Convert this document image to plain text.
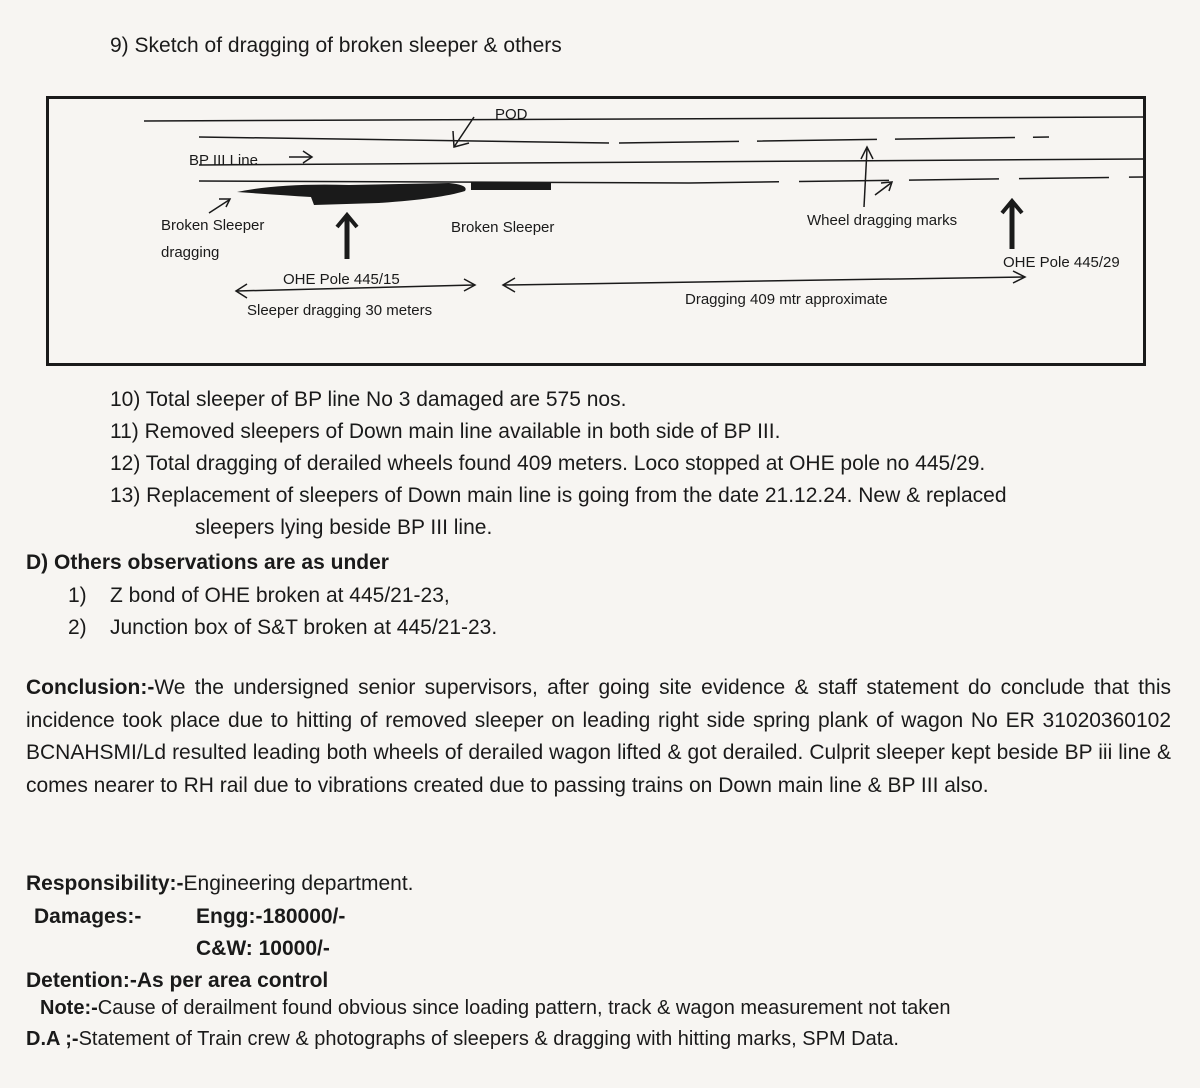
9) Sketch of dragging of broken sleeper & others
POD
BP III Line
Broken Sleeper
dragging
Broken Sleeper	Wheel dragging marks
OHE Pole 445/15
OHE Pole 445/29
Sleeper dragging 30 meters
Dragging 409 mtr approximate
10) Total sleeper of BP line No 3 damaged are 575 nos.
11) Removed sleepers of Down main line available in both side of BP III.
12) Total dragging of derailed wheels found 409 meters. Loco stopped at OHE pole no 445/29.
13) Replacement of sleepers of Down main line is going from the date 21.12.24. New & replaced
sleepers lying beside BP III line.
D) Others observations are as under
1) Z bond of OHE broken at 445/21-23,
2) Junction box of S&T broken at 445/21-23.
Conclusion:-We the undersigned senior supervisors, after going site evidence & staff statement do conclude that this incidence took place due to hitting of removed sleeper on leading right side spring plank of wagon No ER 31020360102 BCNAHSMI/Ld resulted leading both wheels of derailed wagon lifted & got derailed. Culprit sleeper kept beside BP iii line & comes nearer to RH rail due to vibrations created due to passing trains on Down main line & BP III also.
Responsibility:-Engineering department.
Damages:-	Engg:-180000/-
C&W: 10000/-
Detention:-As per area control
Note:-Cause of derailment found obvious since loading pattern, track & wagon measurement not taken
D.A ;-Statement of Train crew & photographs of sleepers & dragging with hitting marks, SPM Data.
